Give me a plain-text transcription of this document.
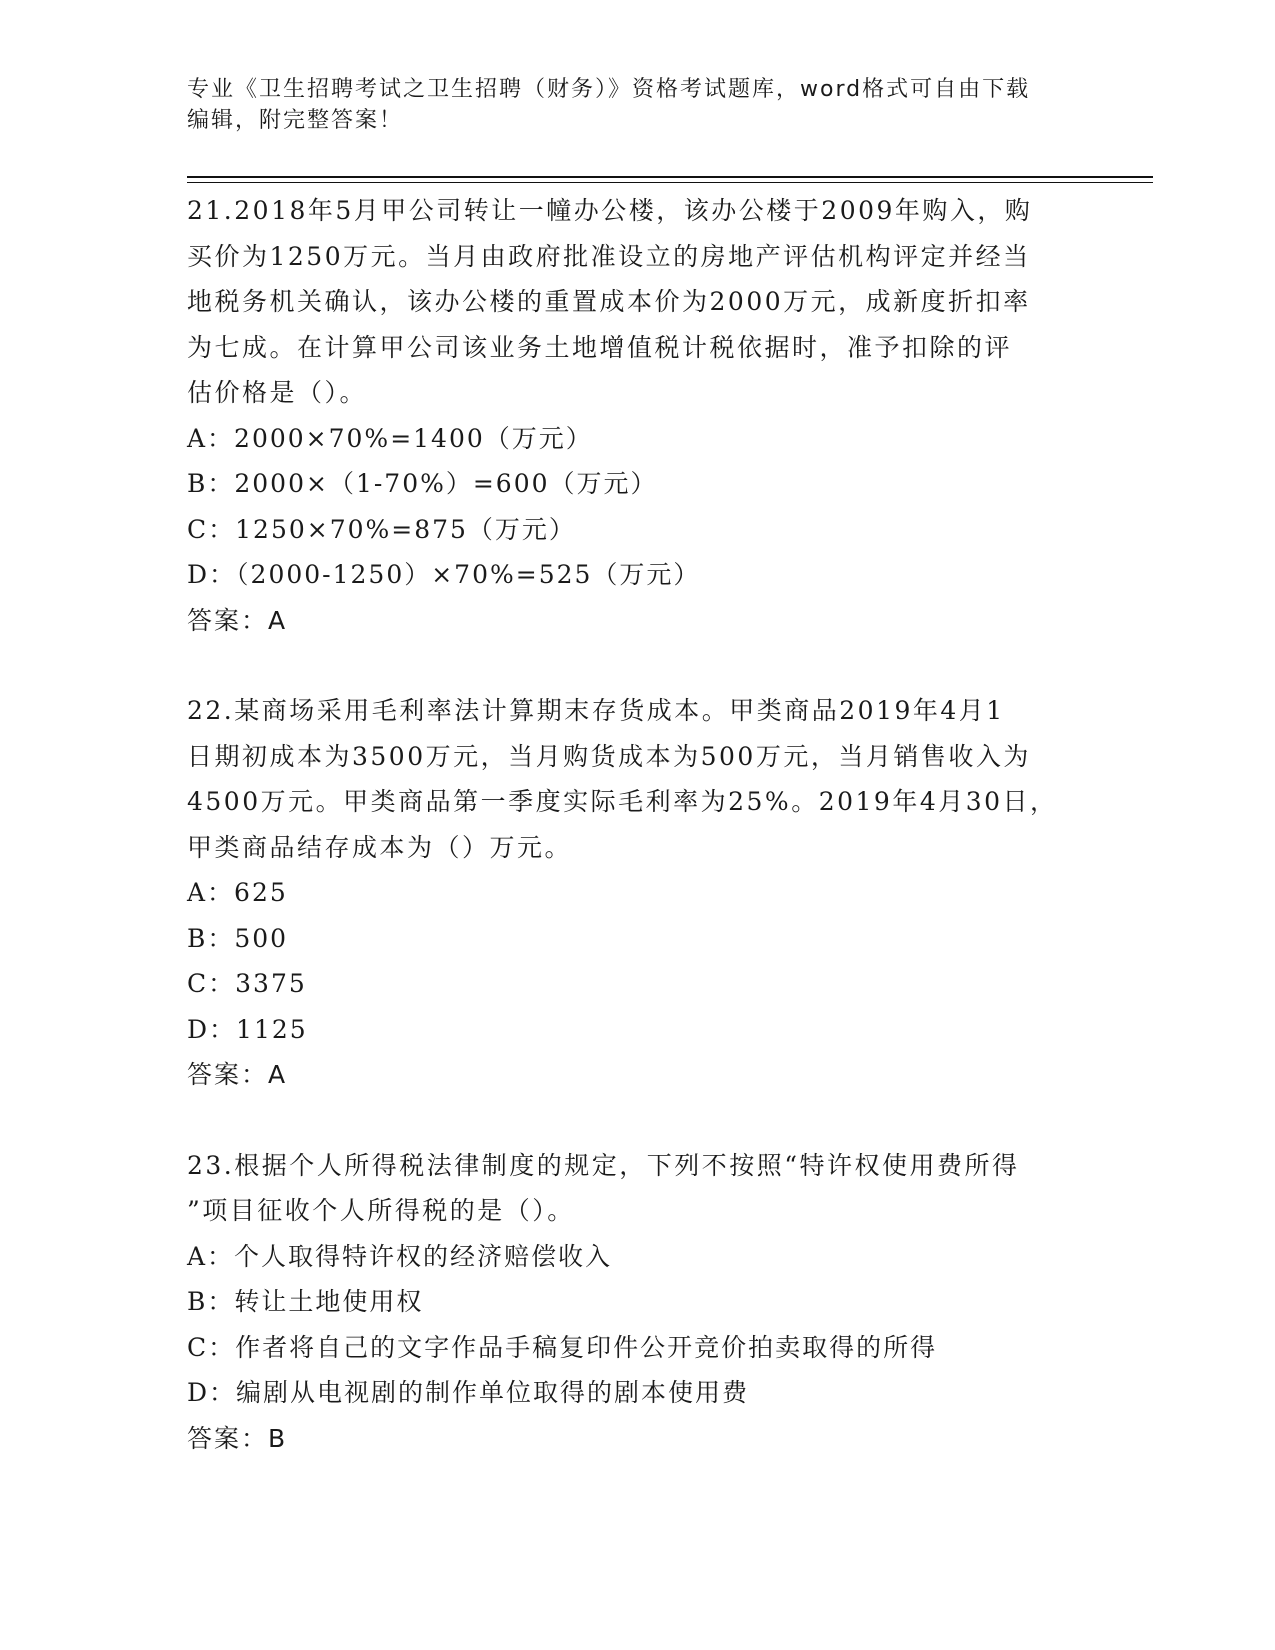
专业《卫生招聘考试之卫生招聘（财务）》资格考试题库，word格式可自由下载
编辑，附完整答案！
21.2018年5月甲公司转让一幢办公楼，该办公楼于2009年购入，购
买价为1250万元。当月由政府批准设立的房地产评估机构评定并经当
地税务机关确认，该办公楼的重置成本价为2000万元，成新度折扣率
为七成。在计算甲公司该业务土地增值税计税依据时，准予扣除的评
估价格是（）。
A：2000×70%=1400（万元）
B：2000×（1-70%）=600（万元）
C：1250×70%=875（万元）
D：（2000-1250）×70%=525（万元）
答案：A
22.某商场采用毛利率法计算期末存货成本。甲类商品2019年4月1
日期初成本为3500万元，当月购货成本为500万元，当月销售收入为
4500万元。甲类商品第一季度实际毛利率为25%。2019年4月30日，
甲类商品结存成本为（）万元。
A：625
B：500
C：3375
D：1125
答案：A
23.根据个人所得税法律制度的规定，下列不按照“特许权使用费所得
”项目征收个人所得税的是（）。
A：个人取得特许权的经济赔偿收入
B：转让土地使用权
C：作者将自己的文字作品手稿复印件公开竞价拍卖取得的所得
D：编剧从电视剧的制作单位取得的剧本使用费
答案：B
